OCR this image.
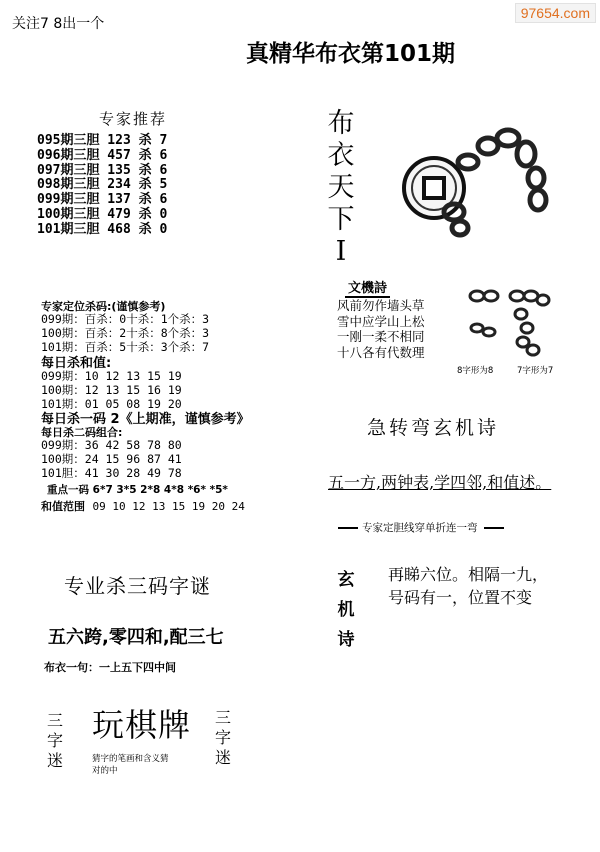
97654.com
关注7 8出一个
真精华布衣第101期
专家推荐
095期三胆 123 杀 7
096期三胆 457 杀 6
097期三胆 135 杀 6
098期三胆 234 杀 5
099期三胆 137 杀 6
100期三胆 479 杀 0
101期三胆 468 杀 0
布
衣
天
下
I
专家定位杀码:(谨慎参考)
099期：百杀：0十杀：1个杀：3
100期：百杀：2十杀：8个杀：3
101期：百杀：5十杀：3个杀：7
每日杀和值:
099期：10 12 13 15 19
100期：12 13 15 16 19
101期：01 05 08 19 20
每日杀一码 2《上期准，谨慎参考》
每日杀二码组合:
099期：36 42 58 78 80
100期：24 15 96 87 41
101胆：41 30 28 49 78
重点一码 6*7 3*5 2*8 4*8 *6* *5*
和值范围 09 10 12 13 15 19 20 24
文機詩
风前勿作墙头草
雪中应学山上松
一刚一柔不相同
十八各有代数理
8字形为8	7字形为7
急转弯玄机诗
五一方,两钟表,学四邻,和值述。
专家定胆线穿单折连一弯
玄
机
诗
再睇六位。相隔一九，
号码有一，位置不变
专业杀三码字谜
五六跨,零四和,配三七
布衣一句：一上五下四中间
三
字
迷
玩棋牌
猜字的笔画和含义猜
对的中
三
字
迷
